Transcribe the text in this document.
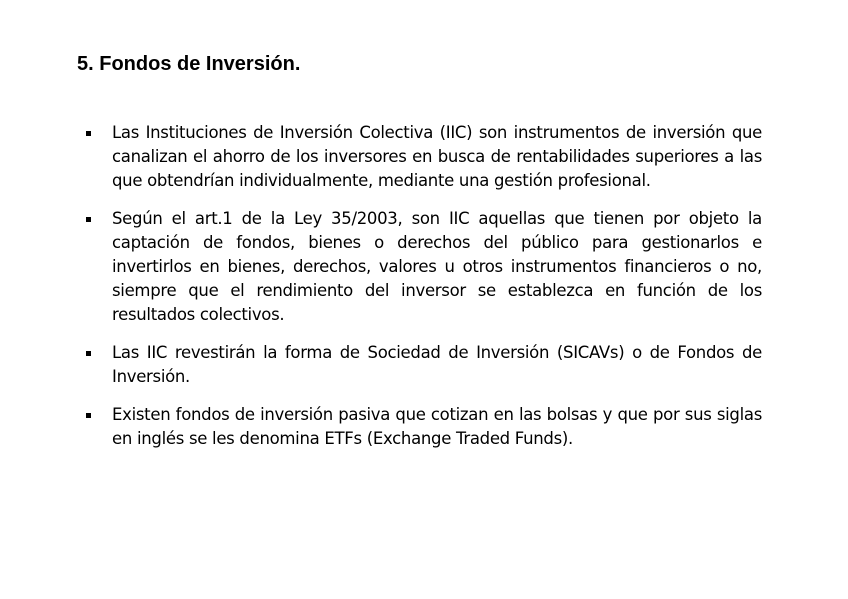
5. Fondos de Inversión.
Las Instituciones de Inversión Colectiva (IIC) son instrumentos de inversión que canalizan el ahorro de los inversores en busca de rentabilidades superiores a las que obtendrían individualmente, mediante una gestión profesional.
Según el art.1 de la Ley 35/2003, son IIC aquellas que tienen por objeto la captación de fondos, bienes o derechos del público para gestionarlos e invertirlos en bienes, derechos, valores u otros instrumentos financieros o no, siempre que el rendimiento del inversor se establezca en función de los resultados colectivos.
Las IIC revestirán la forma de Sociedad de Inversión (SICAVs) o de Fondos de Inversión.
Existen fondos de inversión pasiva que cotizan en las bolsas y que por sus siglas en inglés se les denomina ETFs (Exchange Traded Funds).
